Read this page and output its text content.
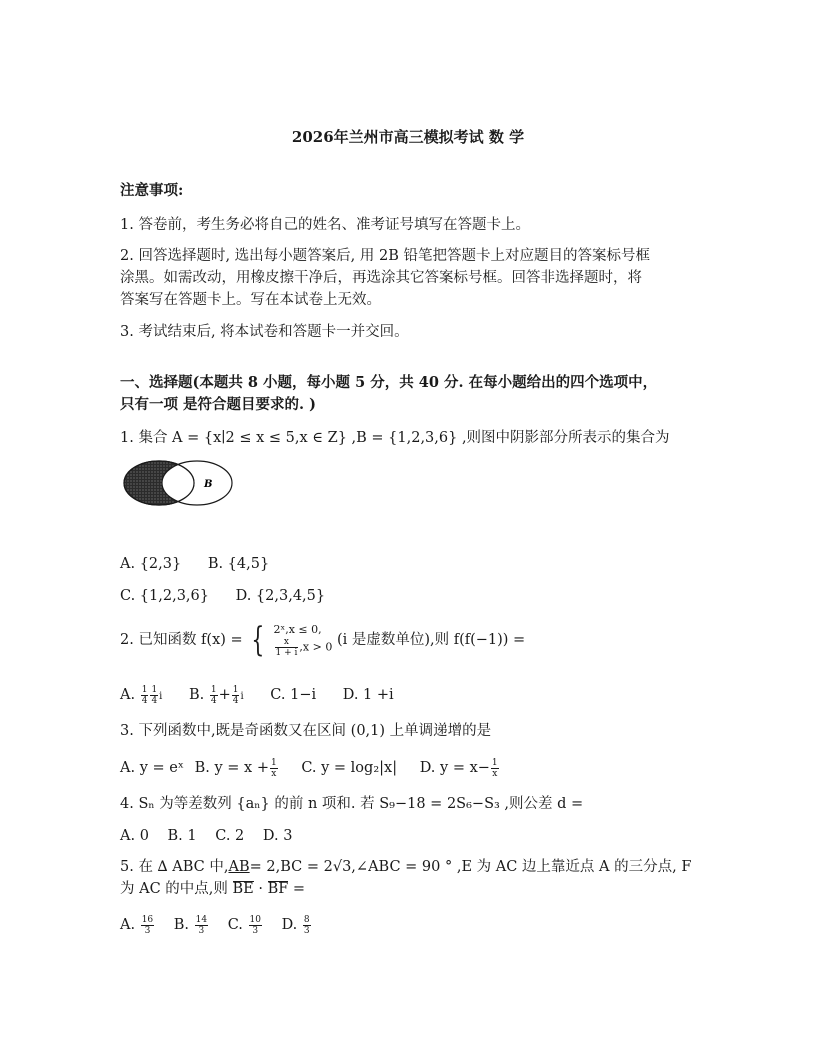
2026年兰州市高三模拟考试 数 学
注意事项:
1. 答卷前，考生务必将自己的姓名、准考证号填写在答题卡上。
2. 回答选择题时, 选出每小题答案后, 用 2B 铅笔把答题卡上对应题目的答案标号框
涂黑。如需改动，用橡皮擦干净后，再选涂其它答案标号框。回答非选择题时，将
答案写在答题卡上。写在本试卷上无效。
3. 考试结束后, 将本试卷和答题卡一并交回。
一、选择题(本题共 8 小题，每小题 5 分，共 40 分. 在每小题给出的四个选项中，
只有一项 是符合题目要求的. )
1. 集合 A = {x∣2 ≤ x ≤ 5,x ∈ Z} ,B = {1,2,3,6} ,则图中阴影部分所表示的集合为
B
A. {2,3} B. {4,5}
C. {1,2,3,6} D. {2,3,4,5}
2. 已知函数 f(x) = { 2ˣ,x ≤ 0,
$\frac{x}{1 + i} ,x > 0$ (i 是虚数单位),则 f(f(−1)) =
A. $\frac{1}{4} \frac{1}{4}$ i B. $\frac{1}{4} + \frac{1}{4}$ i C. 1−i D. 1 +i
3. 下列函数中,既是奇函数又在区间 (0,1) 上单调递增的是
A. y = eˣ B. $y = x + \frac{1}{x} C$. y = log₂|x| D. $y = x- \frac{1}{x}$
4. Sₙ 为等差数列 {aₙ} 的前 n 项和. 若 S₉−18 = 2S₆−S₃ ,则公差 d =
A. 0 B. 1 C. 2 D. 3
5. 在 ∆ ABC 中,AB= 2,BC = 2√3,∠ABC = 90 ° ,E 为 AC 边上靠近点 A 的三分点, F
为 AC 的中点,则 BE · BF =
A. $\frac{16}{3} B$. $\frac{14}{3} C$. $\frac{10}{3} D$. $\frac{8}{3}$
